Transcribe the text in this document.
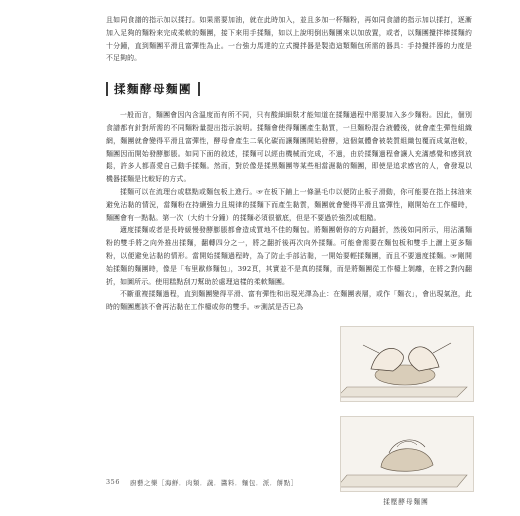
且如同食譜的指示加以揉打。如果需要加油，就在此時加入，並且多加一杯麵粉，再如同食譜的指示加以揉打，逐漸加入足夠的麵粉來完成柔軟的麵團，接下來用手揉麵，如以上說明倒出麵團來以加放置，或者，以麵團攪拌棒揉麵約十分鐘，直到麵團平滑且富彈性為止。一台強力馬達的立式攪拌器是製造這類麵包所需的器具：手持攪拌器的力度是不足夠的。

揉麵酵母麵團

一般而言，麵團會因內含溫度而有所不同，只有酸細細麩才能知道在揉麵過程中需要加入多少麵粉。因此，個別食譜都有針對所需的不同麵粉量提出指示說明。揉麵會使得麵團產生黏質，一旦麵粉混合液體後，就會產生彈性組織網，麵團就會變得平滑且富彈性，酵母會產生二氧化碳而讓麵團開始發酵，這個氣體會被裝質組織包覆而成氣泡較，麵團因而開始發酵膨脹。如同下面的敘述，揉麵可以經由機械而完成，不過，由於揉麵過程會讓人充滿感覺和感到放鬆，許多人都喜愛自己動手揉麵。然而，對於像是揉黑麵團等某些相當濕黏的麵團，即使是追求感官的人，會發現以機器揉麵是比較好的方式。

揉麵可以在流理台或糕點或麵包板上進行。☞在板下鋪上一條濕毛巾以便防止板子滑動，你可能要在指上抹油來避免沾黏的情況，當麵粉在持續強力且規律的揉麵下而產生黏質，麵團就會變得平滑且富彈性，剛開始在工作檯時，麵團會有一點黏。第一次（大約十分鐘）的揉麵必須很徹底，但是不要過於強烈或粗糙。

適度揉麵或者是長時緩慢發酵膨脹都會造成質地不佳的麵包。將麵團朝你的方向翻折，然後如同所示，用沾滿麵粉的雙手將之向外推出揉麵，翻轉四分之一，將之翻折後再次向外揉麵。可能會需要在麵包板和雙手上灑上更多麵粉，以便避免沾黏的情形。當開始揉麵過程時，為了防止手部沾黏，一開始要輕揉麵團，而且不要過度揉麵。☞剛開始揉麵的麵團時，像是「布里歐修麵包」，392頁，其實並不是真的揉麵，而是將麵團從工作檯上剝離，在將之對內翻折，如圖所示。使用糕點刮刀幫助於處理這樣的柔軟麵團。

不斷重複揉麵過程，直到麵團變得平滑、富有彈性和出現光澤為止：在麵團表層，或作「麵衣」，會出現氣泡，此時的麵團應該不會再沾黏在工作檯或你的雙手。☞測試是否已為

揉壓酵母麵團
356 廚藝之樂［海鮮．肉類．蔬．醬料．麵包．派．餅點］
